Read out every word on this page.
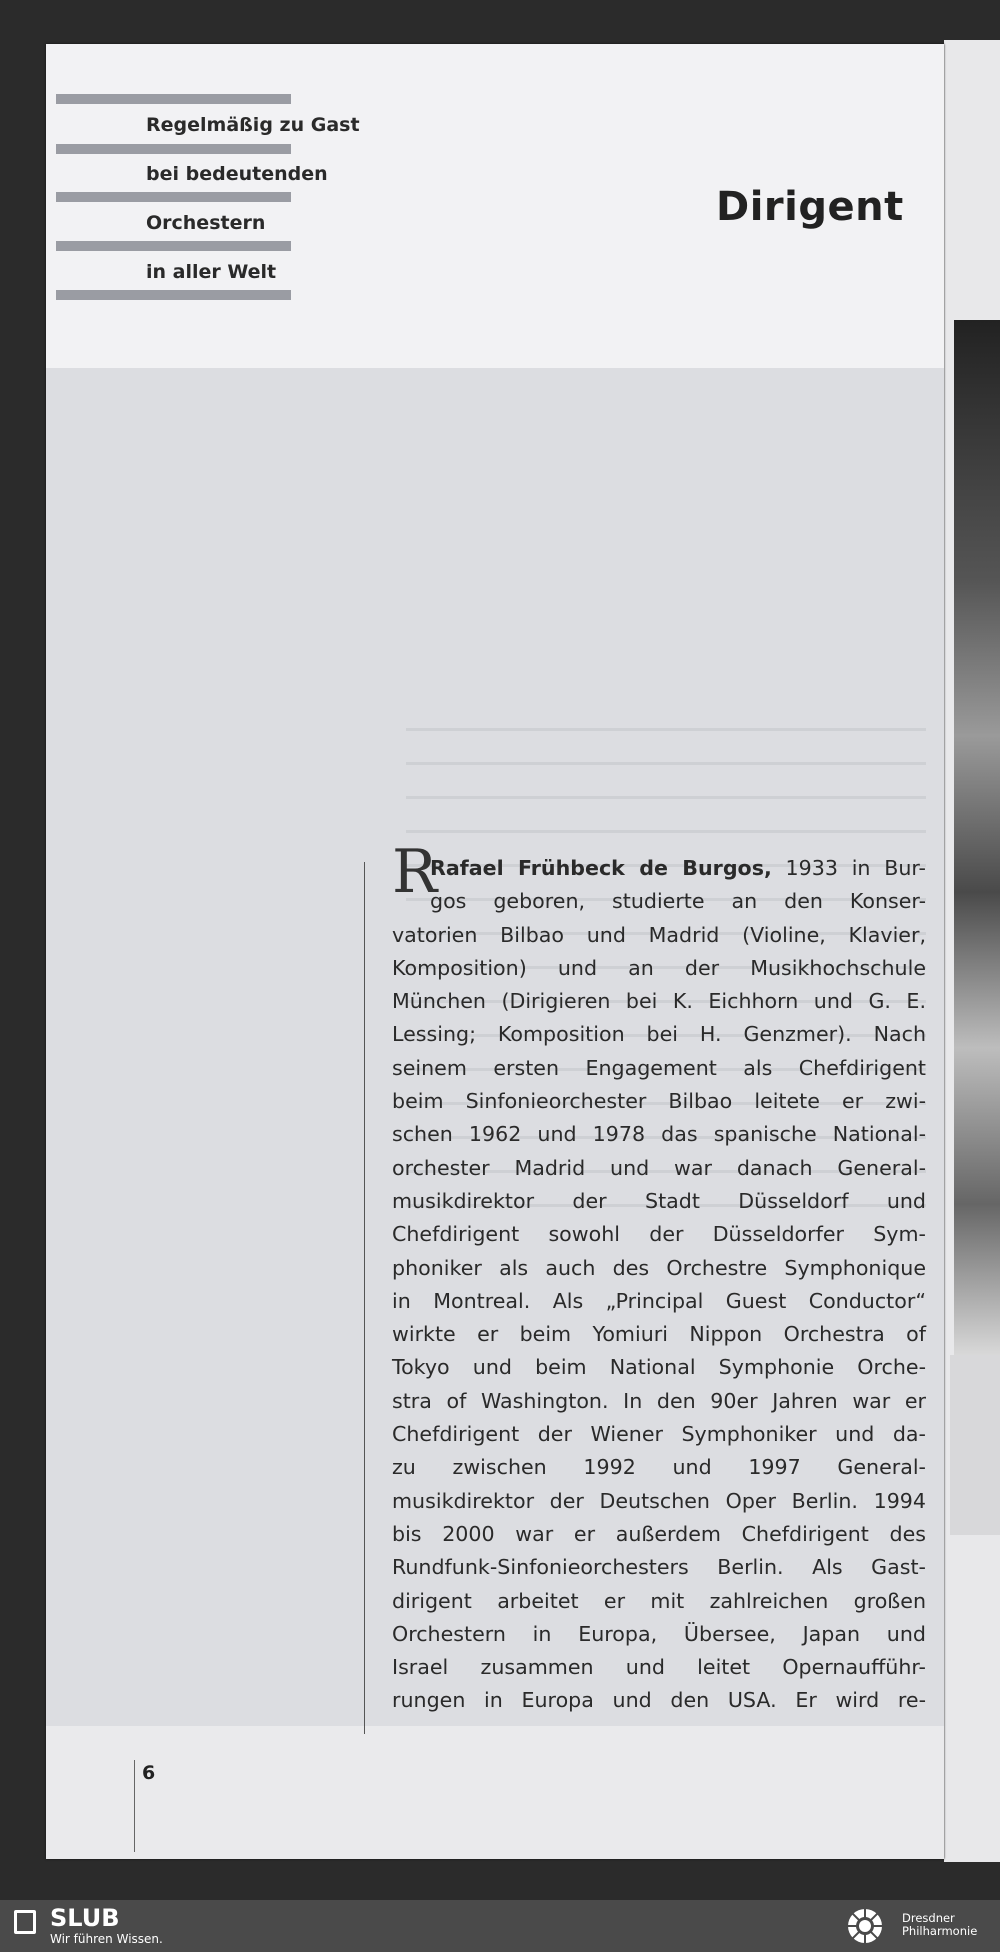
Regelmäßig zu Gast
bei bedeutenden
Orchestern
in aller Welt
Dirigent
R
Rafael Frühbeck de Burgos, 1933 in Bur-
gos geboren, studierte an den Konser-
vatorien Bilbao und Madrid (Violine, Klavier,
Komposition) und an der Musikhochschule
München (Dirigieren bei K. Eichhorn und G. E.
Lessing; Komposition bei H. Genzmer). Nach
seinem ersten Engagement als Chefdirigent
beim Sinfonieorchester Bilbao leitete er zwi-
schen 1962 und 1978 das spanische National-
orchester Madrid und war danach General-
musikdirektor der Stadt Düsseldorf und
Chefdirigent sowohl der Düsseldorfer Sym-
phoniker als auch des Orchestre Symphonique
in Montreal. Als „Principal Guest Conductor“
wirkte er beim Yomiuri Nippon Orchestra of
Tokyo und beim National Symphonie Orche-
stra of Washington. In den 90er Jahren war er
Chefdirigent der Wiener Symphoniker und da-
zu zwischen 1992 und 1997 General-
musikdirektor der Deutschen Oper Berlin. 1994
bis 2000 war er außerdem Chefdirigent des
Rundfunk-Sinfonieorchesters Berlin. Als Gast-
dirigent arbeitet er mit zahlreichen großen
Orchestern in Europa, Übersee, Japan und
Israel zusammen und leitet Opernaufführ-
rungen in Europa und den USA. Er wird re-
6
SLUB
Wir führen Wissen.
Dresdner
Philharmonie
